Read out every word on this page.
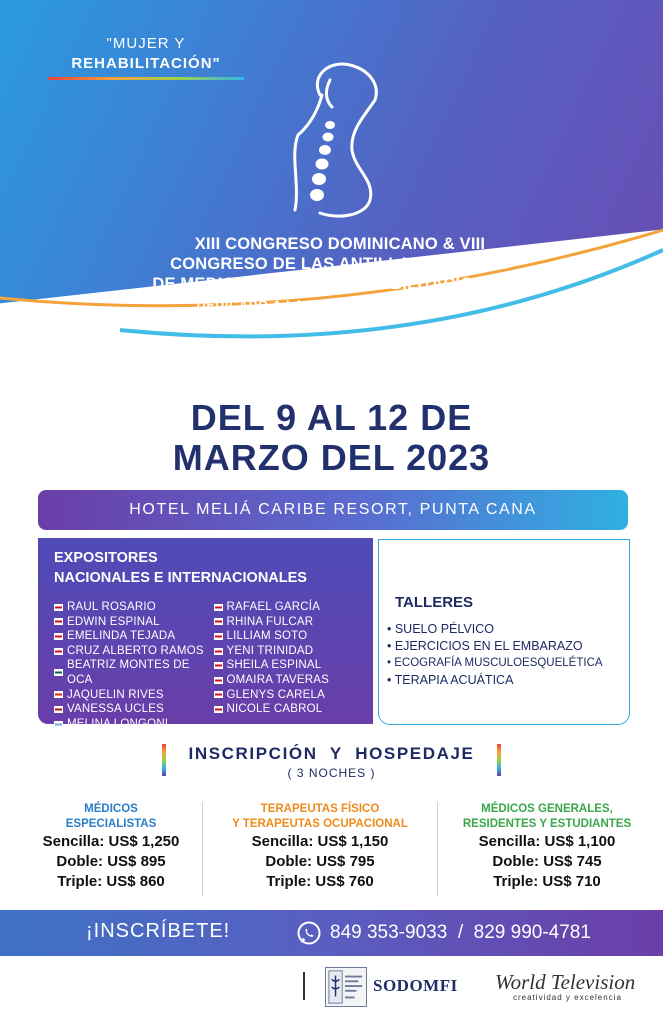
"MUJER Y
REHABILITACIÓN"
XIII CONGRESO DOMINICANO & VIII
CONGRESO DE LAS ANTILLAS MAYORES
DE MEDICINA FÍSICA Y REHABILITACIÓN 2023
DEDICADO A LA DRA. DEMETRIA ROSARIO
DEL 9 AL 12 DE
MARZO DEL 2023
HOTEL MELIÁ CARIBE RESORT, PUNTA CANA
EXPOSITORES
NACIONALES E INTERNACIONALES
RAUL ROSARIO
EDWIN ESPINAL
EMELINDA TEJADA
CRUZ ALBERTO RAMOS
BEATRIZ MONTES DE OCA
JAQUELIN RIVES
VANESSA UCLES
MELINA LONGONI
RAFAEL GARCÍA
RHINA FULCAR
LILLIAM SOTO
YENI TRINIDAD
SHEILA ESPINAL
OMAIRA TAVERAS
GLENYS CARELA
NICOLE CABROL
TALLERES
• SUELO PÉLVICO
• EJERCICIOS EN EL EMBARAZO
• ECOGRAFÍA MUSCULOESQUELÉTICA
• TERAPIA ACUÁTICA
INSCRIPCIÓN  Y  HOSPEDAJE
( 3 NOCHES )
MÉDICOS
ESPECIALISTAS
Sencilla: US$ 1,250
Doble: US$ 895
Triple: US$ 860
TERAPEUTAS FÍSICO
Y TERAPEUTAS OCUPACIONAL
Sencilla: US$ 1,150
Doble: US$ 795
Triple: US$ 760
MÉDICOS GENERALES,
RESIDENTES Y ESTUDIANTES
Sencilla: US$ 1,100
Doble: US$ 745
Triple: US$ 710
¡INSCRÍBETE!	849 353-9033  /  829 990-4781
SODOMFI World Television
creatividad y excelencia
